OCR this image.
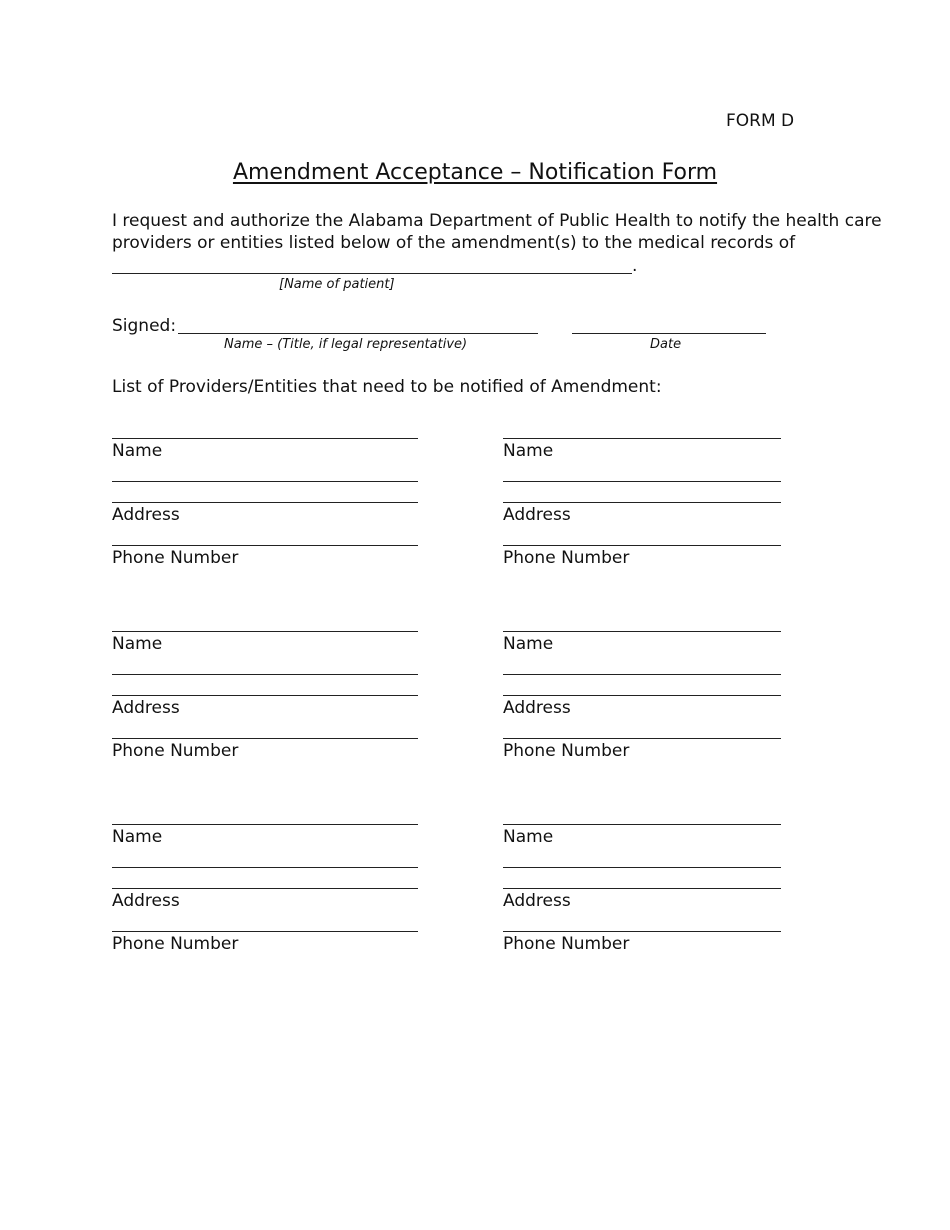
FORM D
Amendment Acceptance – Notification Form
I request and authorize the Alabama Department of Public Health to notify the health care
providers or entities listed below of the amendment(s) to the medical records of
.
[Name of patient]
Signed:
Name – (Title, if legal representative)	Date
List of Providers/Entities that need to be notified of Amendment:
Name
Address
Phone Number
Name
Address
Phone Number
Name
Address
Phone Number
Name
Address
Phone Number
Name
Address
Phone Number
Name
Address
Phone Number
